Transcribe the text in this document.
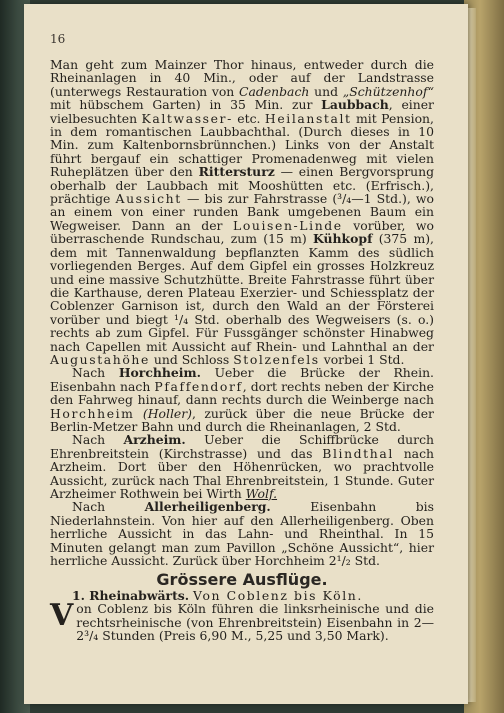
16

Man geht zum Mainzer Thor hinaus, entweder durch die Rheinanlagen in 40 Min., oder auf der Landstrasse (unterwegs Restauration von Cadenbach und „Schützenhof“ mit hübschem Garten) in 35 Min. zur Laubbach, einer vielbesuchten Kaltwasser- etc. Heilanstalt mit Pension, in dem romantischen Laubbachthal. (Durch dieses in 10 Min. zum Kaltenbornsbrünnchen.) Links von der Anstalt führt bergauf ein schattiger Promenadenweg mit vielen Ruheplätzen über den Rittersturz — einen Bergvorsprung oberhalb der Laubbach mit Mooshütten etc. (Erfrisch.), prächtige Aussicht — bis zur Fahrstrasse (³/₄—1 Std.), wo an einem von einer runden Bank umgebenen Baum ein Wegweiser. Dann an der Louisen-Linde vorüber, wo überraschende Rundschau, zum (15 m) Kühkopf (375 m), dem mit Tannenwaldung bepflanzten Kamm des südlich vorliegenden Berges. Auf dem Gipfel ein grosses Holzkreuz und eine massive Schutzhütte. Breite Fahrstrasse führt über die Karthause, deren Plateau Exerzier- und Schiessplatz der Coblenzer Garnison ist, durch den Wald an der Försterei vorüber und biegt ¹/₄ Std. oberhalb des Wegweisers (s. o.) rechts ab zum Gipfel. Für Fussgänger schönster Hinabweg nach Capellen mit Aussicht auf Rhein- und Lahnthal an der Augustahöhe und Schloss Stolzenfels vorbei 1 Std.

Nach Horchheim. Ueber die Brücke der Rhein. Eisenbahn nach Pfaffendorf, dort rechts neben der Kirche den Fahrweg hinauf, dann rechts durch die Weinberge nach Horchheim (Holler), zurück über die neue Brücke der Berlin-Metzer Bahn und durch die Rheinanlagen, 2 Std.

Nach Arzheim. Ueber die Schiffbrücke durch Ehrenbreitstein (Kirchstrasse) und das Blindthal nach Arzheim. Dort über den Höhenrücken, wo prachtvolle Aussicht, zurück nach Thal Ehrenbreitstein, 1 Stunde. Guter Arzheimer Rothwein bei Wirth Wolf.

Nach Allerheiligenberg. Eisenbahn bis Niederlahnstein. Von hier auf den Allerheiligenberg. Oben herrliche Aussicht in das Lahn- und Rheinthal. In 15 Minuten gelangt man zum Pavillon „Schöne Aussicht“, hier herrliche Aussicht. Zurück über Horchheim 2¹/₂ Std.

Grössere Ausflüge.

1. Rheinabwärts. Von Coblenz bis Köln.

Von Coblenz bis Köln führen die linksrheinische und die rechtsrheinische (von Ehrenbreitstein) Eisenbahn in 2—2³/₄ Stunden (Preis 6,90 M., 5,25 und 3,50 Mark).
